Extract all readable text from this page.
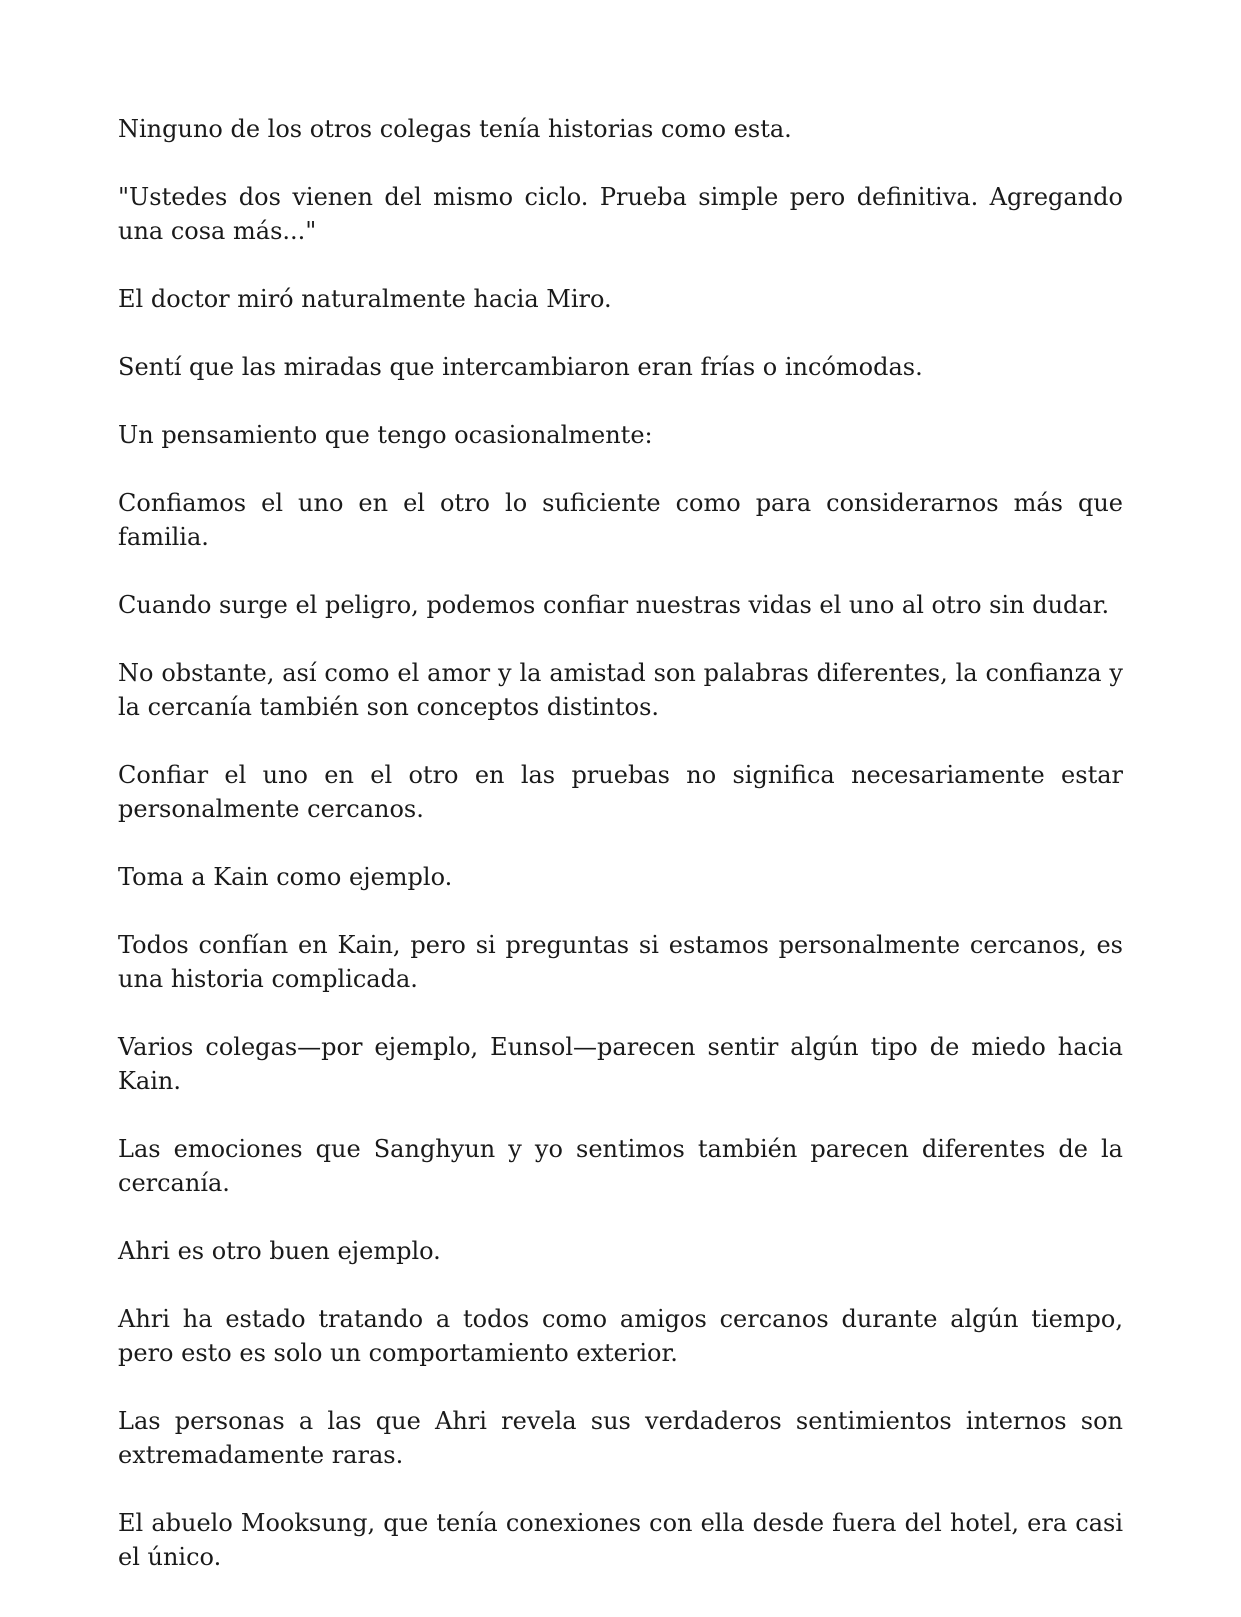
Ninguno de los otros colegas tenía historias como esta.

"Ustedes dos vienen del mismo ciclo. Prueba simple pero definitiva. Agregando una cosa más..."

El doctor miró naturalmente hacia Miro.

Sentí que las miradas que intercambiaron eran frías o incómodas.

Un pensamiento que tengo ocasionalmente:

Confiamos el uno en el otro lo suficiente como para considerarnos más que familia.

Cuando surge el peligro, podemos confiar nuestras vidas el uno al otro sin dudar.

No obstante, así como el amor y la amistad son palabras diferentes, la confianza y la cercanía también son conceptos distintos.

Confiar el uno en el otro en las pruebas no significa necesariamente estar personalmente cercanos.

Toma a Kain como ejemplo.

Todos confían en Kain, pero si preguntas si estamos personalmente cercanos, es una historia complicada.

Varios colegas—por ejemplo, Eunsol—parecen sentir algún tipo de miedo hacia Kain.

Las emociones que Sanghyun y yo sentimos también parecen diferentes de la cercanía.

Ahri es otro buen ejemplo.

Ahri ha estado tratando a todos como amigos cercanos durante algún tiempo, pero esto es solo un comportamiento exterior.

Las personas a las que Ahri revela sus verdaderos sentimientos internos son extremadamente raras.

El abuelo Mooksung, que tenía conexiones con ella desde fuera del hotel, era casi el único.
